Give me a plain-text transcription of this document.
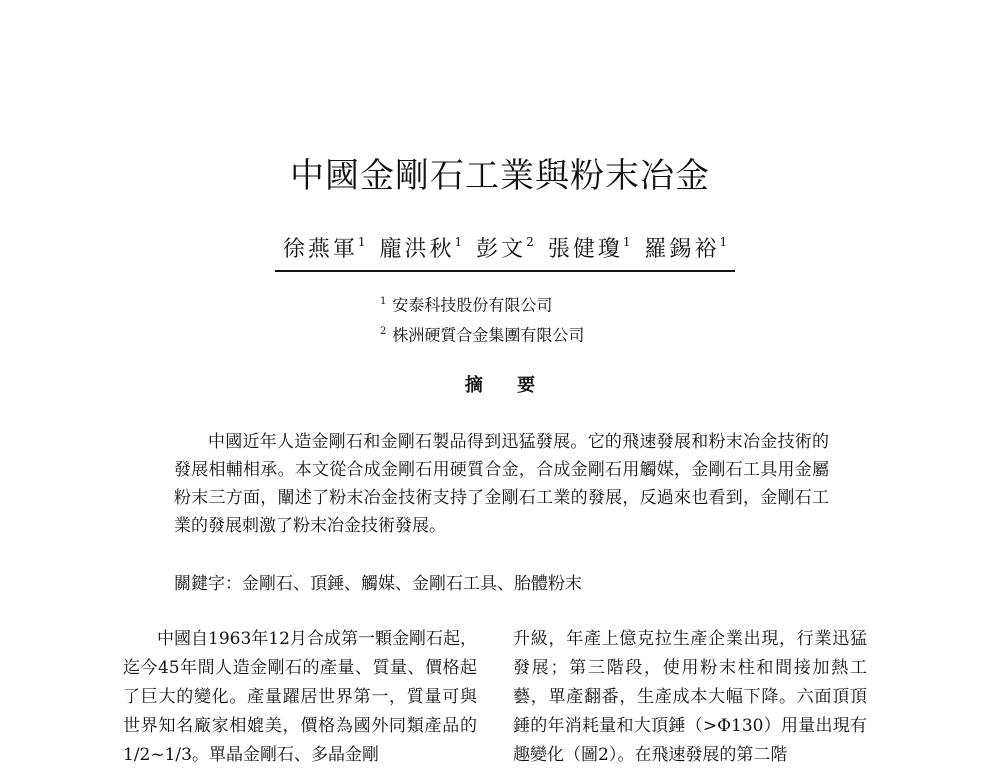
中國金剛石工業與粉末冶金
徐燕軍$^1$ 龐洪秋$^1$ 彭文$^2$ 張健瓊$^1$ 羅錫裕$^1$
$^1$ 安泰科技股份有限公司
$^2$ 株洲硬質合金集團有限公司
摘 要

中國近年人造金剛石和金剛石製品得到迅猛發展。它的飛速發展和粉末冶金技術的發展相輔相承。本文從合成金剛石用硬質合金，合成金剛石用觸媒，金剛石工具用金屬粉末三方面，闡述了粉末冶金技術支持了金剛石工業的發展，反過來也看到，金剛石工業的發展刺激了粉末冶金技術發展。

關鍵字：金剛石、頂錘、觸媒、金剛石工具、胎體粉末

中國自1963年12月合成第一顆金剛石起，迄今45年間人造金剛石的產量、質量、價格起了巨大的變化。產量躍居世界第一，質量可與世界知名廠家相媲美，價格為國外同類產品的1/2~1/3。單晶金剛石、多晶金剛

升級，年產上億克拉生產企業出現，行業迅猛發展；第三階段，使用粉末柱和間接加熱工藝，單產翻番，生產成本大幅下降。六面頂頂錘的年消耗量和大頂錘（>Φ130）用量出現有趣變化（圖2）。在飛速發展的第二階
